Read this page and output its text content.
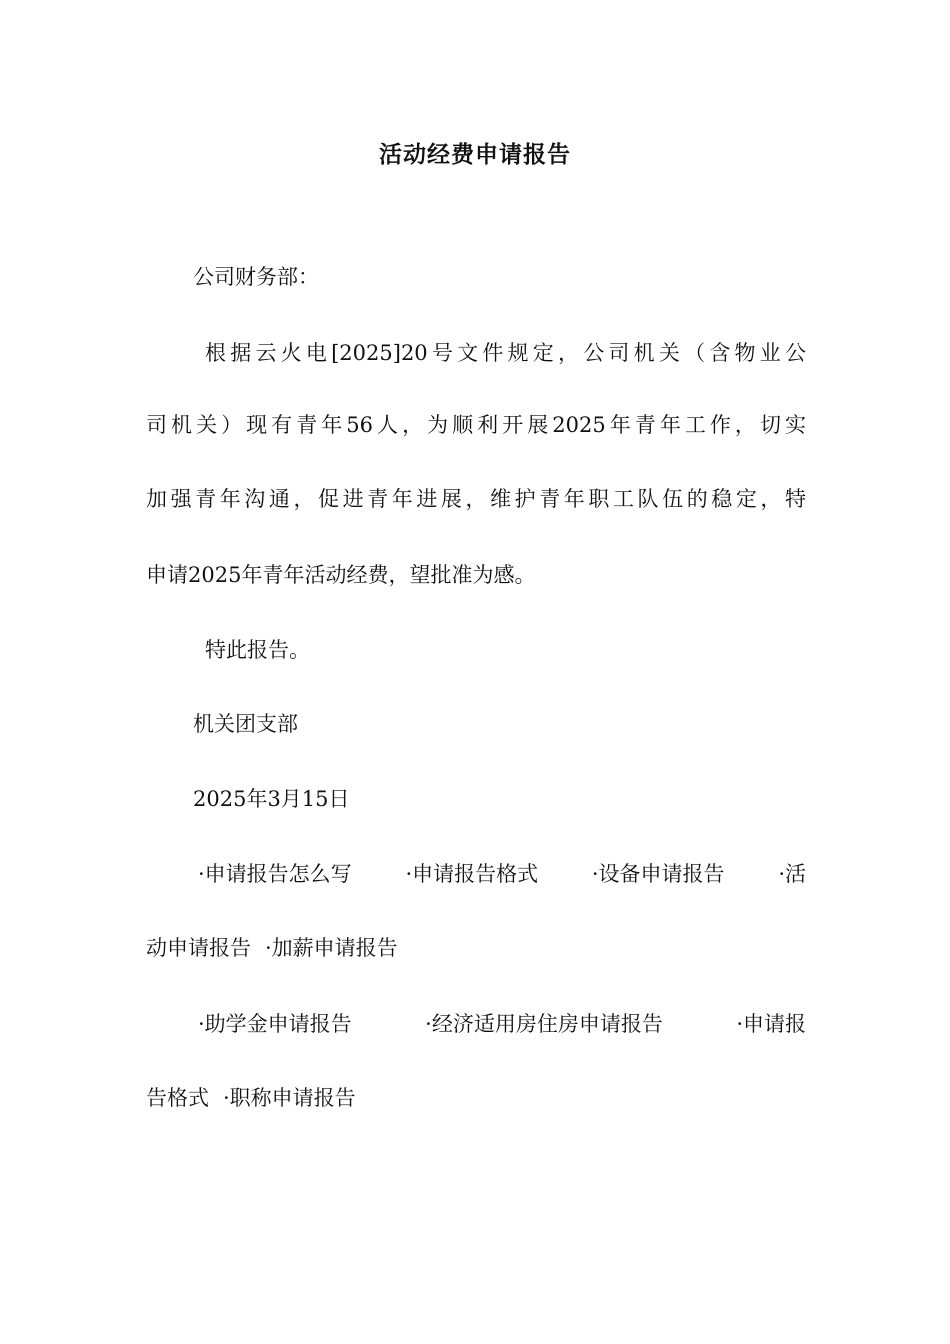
活动经费申请报告
公司财务部：
根据云火电[2025]20号文件规定，公司机关（含物业公
司机关）现有青年56人，为顺利开展2025年青年工作，切实
加强青年沟通，促进青年进展，维护青年职工队伍的稳定，特
申请2025年青年活动经费，望批准为感。
特此报告。
机关团支部
2025年3月15日
·申请报告怎么写	·申请报告格式	·设备申请报告	·活
动申请报告 ·加薪申请报告
·助学金申请报告	·经济适用房住房申请报告	·申请报
告格式 ·职称申请报告
